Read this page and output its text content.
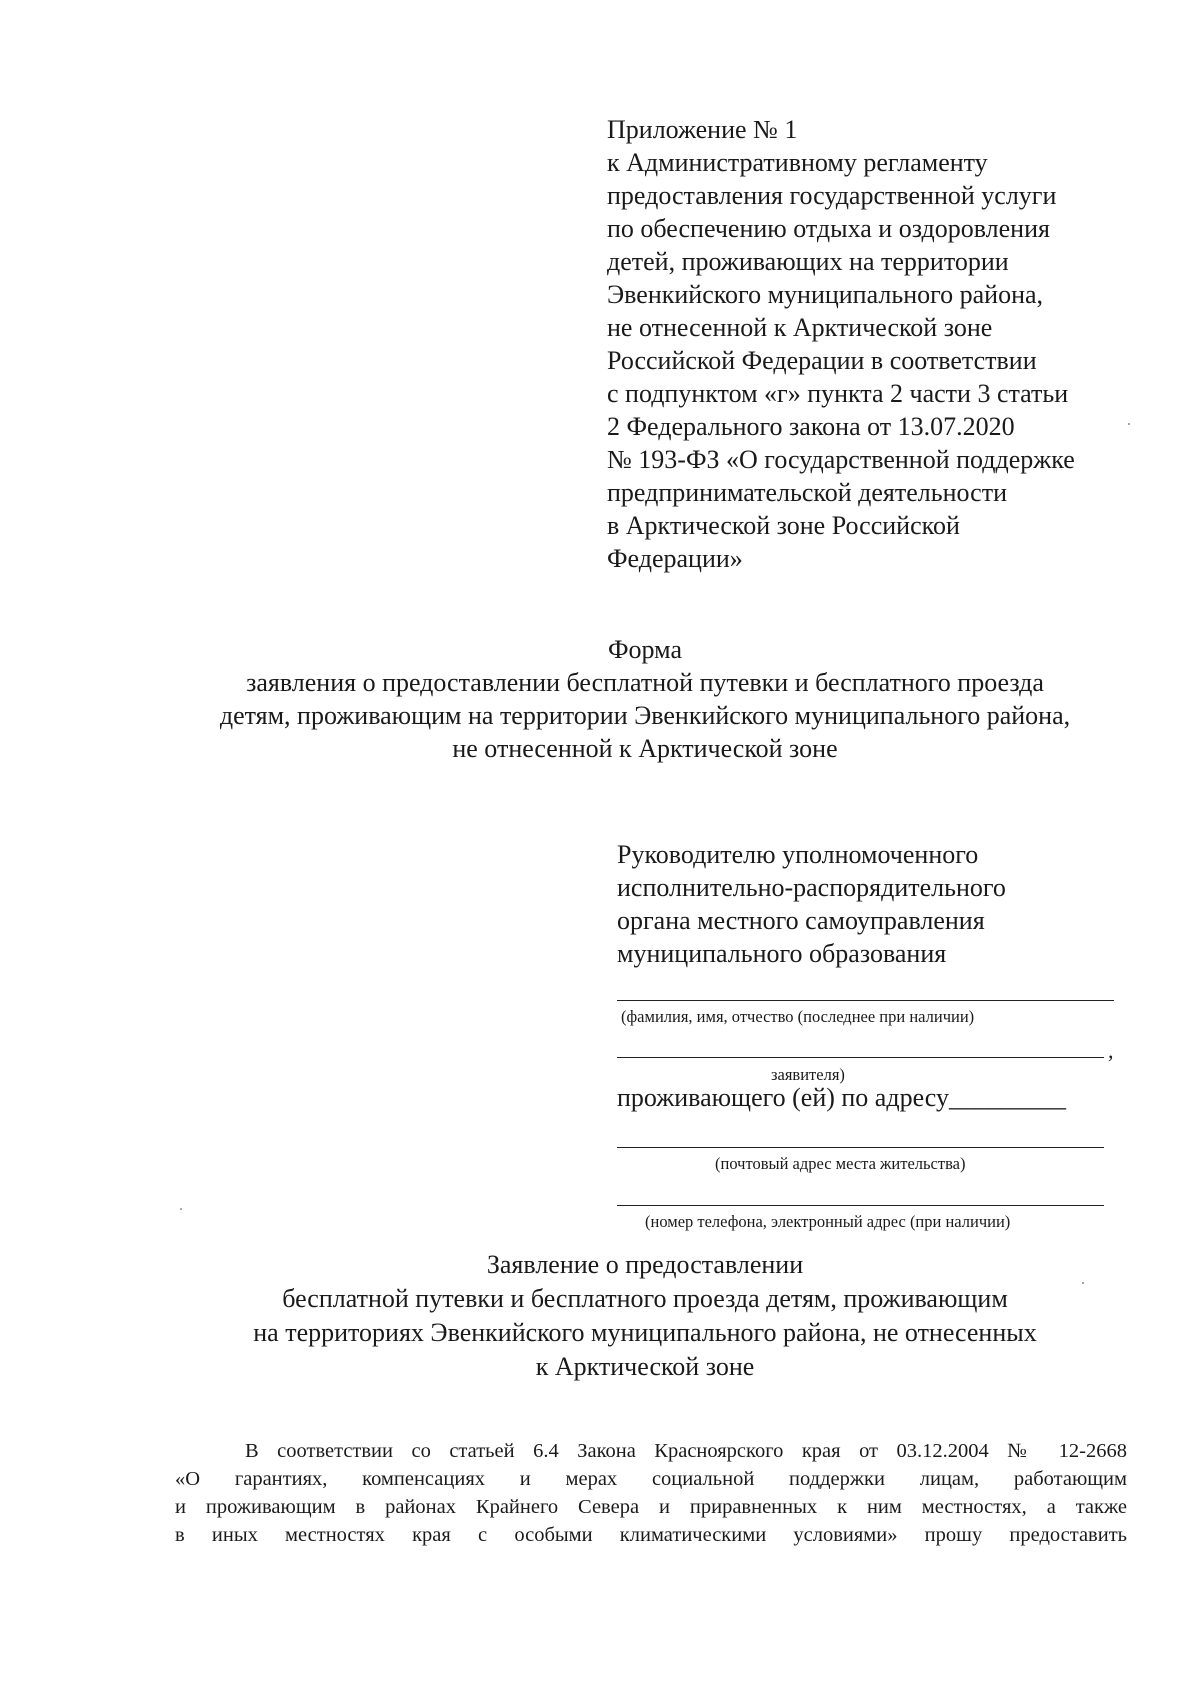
Приложение № 1
к Административному регламенту
предоставления государственной услуги
по обеспечению отдыха и оздоровления
детей, проживающих на территории
Эвенкийского муниципального района,
не отнесенной к Арктической зоне
Российской Федерации в соответствии
с подпунктом «г» пункта 2 части 3 статьи
2 Федерального закона от 13.07.2020
№ 193-ФЗ «О государственной поддержке
предпринимательской деятельности
в Арктической зоне Российской
Федерации»
Форма
заявления о предоставлении бесплатной путевки и бесплатного проезда
детям, проживающим на территории Эвенкийского муниципального района,
не отнесенной к Арктической зоне
Руководителю уполномоченного
исполнительно-распорядительного
органа местного самоуправления
муниципального образования
(фамилия, имя, отчество (последнее при наличии)
,
заявителя)
проживающего (ей) по адресу_________
(почтовый адрес места жительства)
(номер телефона, электронный адрес (при наличии)
Заявление о предоставлении
бесплатной путевки и бесплатного проезда детям, проживающим
на территориях Эвенкийского муниципального района, не отнесенных
к Арктической зоне
В соответствии со статьей 6.4 Закона Красноярского края от 03.12.2004 № 12-2668
«О гарантиях, компенсациях и мерах социальной поддержки лицам, работающим
и проживающим в районах Крайнего Севера и приравненных к ним местностях, а также
в иных местностях края с особыми климатическими условиями» прошу предоставить
